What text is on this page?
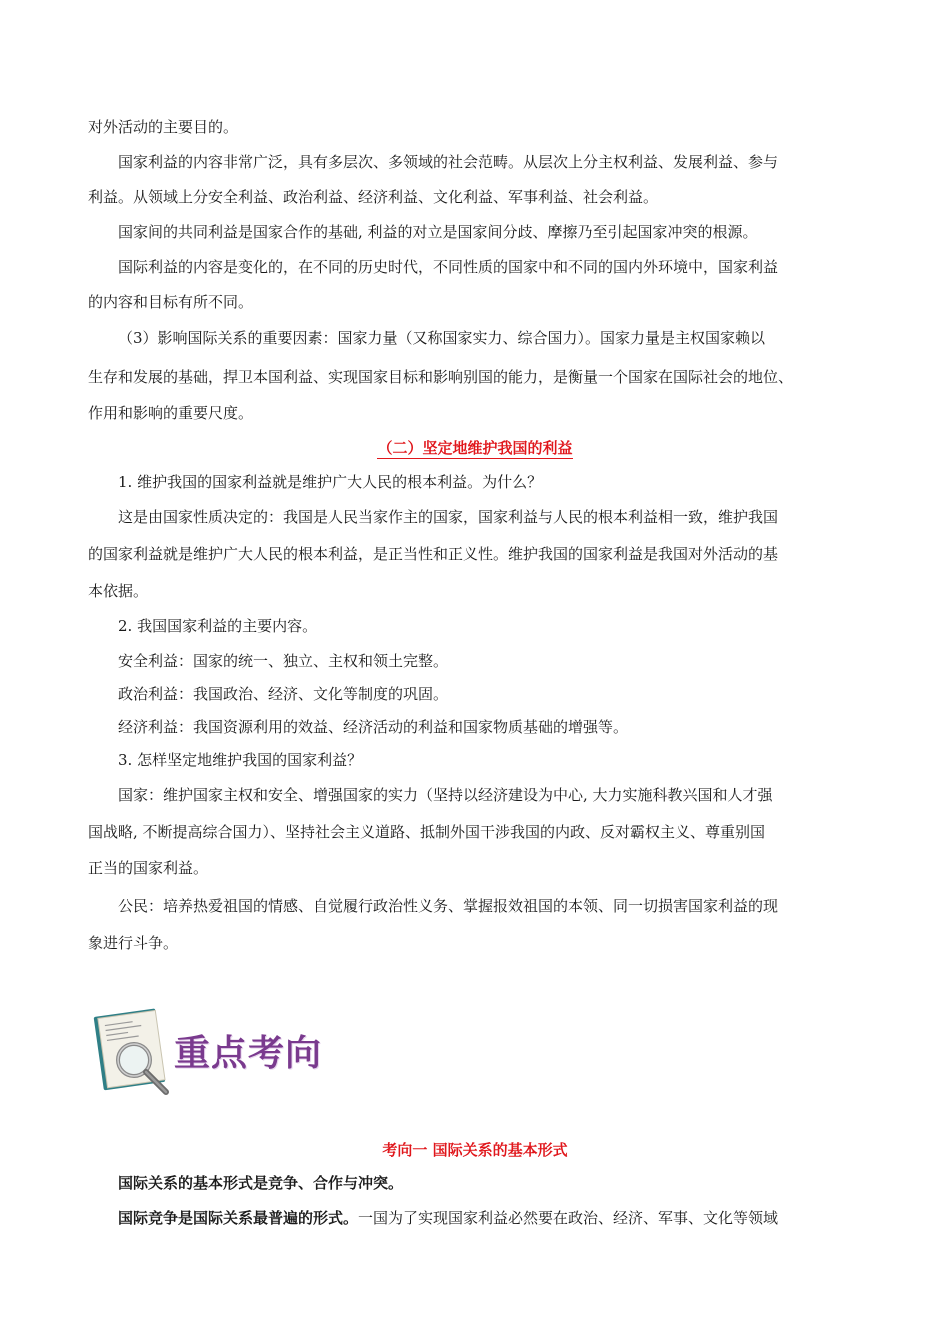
对外活动的主要目的。
国家利益的内容非常广泛，具有多层次、多领域的社会范畴。从层次上分主权利益、发展利益、参与
利益。从领域上分安全利益、政治利益、经济利益、文化利益、军事利益、社会利益。
国家间的共同利益是国家合作的基础, 利益的对立是国家间分歧、摩擦乃至引起国家冲突的根源。
国际利益的内容是变化的，在不同的历史时代，不同性质的国家中和不同的国内外环境中，国家利益
的内容和目标有所不同。
（3）影响国际关系的重要因素：国家力量（又称国家实力、综合国力）。国家力量是主权国家赖以
生存和发展的基础，捍卫本国利益、实现国家目标和影响别国的能力，是衡量一个国家在国际社会的地位、
作用和影响的重要尺度。
（二）坚定地维护我国的利益
1. 维护我国的国家利益就是维护广大人民的根本利益。为什么？
这是由国家性质决定的：我国是人民当家作主的国家，国家利益与人民的根本利益相一致，维护我国
的国家利益就是维护广大人民的根本利益，是正当性和正义性。维护我国的国家利益是我国对外活动的基
本依据。
2. 我国国家利益的主要内容。
安全利益：国家的统一、独立、主权和领土完整。
政治利益：我国政治、经济、文化等制度的巩固。
经济利益：我国资源利用的效益、经济活动的利益和国家物质基础的增强等。
3. 怎样坚定地维护我国的国家利益？
国家：维护国家主权和安全、增强国家的实力（坚持以经济建设为中心, 大力实施科教兴国和人才强
国战略, 不断提高综合国力）、坚持社会主义道路、抵制外国干涉我国的内政、反对霸权主义、尊重别国
正当的国家利益。
公民：培养热爱祖国的情感、自觉履行政治性义务、掌握报效祖国的本领、同一切损害国家利益的现
象进行斗争。
重点考向
考向一 国际关系的基本形式
国际关系的基本形式是竞争、合作与冲突。
国际竞争是国际关系最普遍的形式。一国为了实现国家利益必然要在政治、经济、军事、文化等领域
